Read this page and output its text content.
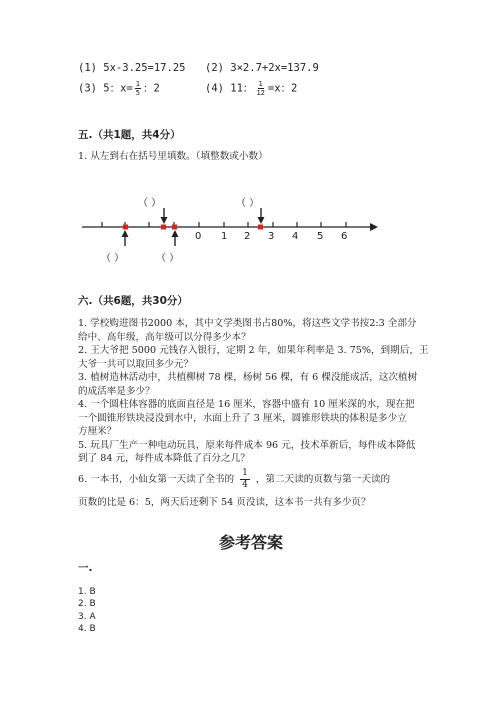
(1) 5x-3.25=17.25 (2) 3×2.7+2x=137.9
(3) 5：$x= \frac{1}{5}$ ：2	(4) 11： $\frac{1}{12} =x$：2
五.（共1题，共4分）
1. 从左到右在括号里填数。（填整数或小数）
0 1 2 3 4 5 6
（ ）	（ ）
（ ）	（ ）
六.（共6题，共30分）
1. 学校购进图书2000 本，其中文学类图书占80%，将这些文学书按2:3 全部分
给中、高年级，高年级可以分得多少本？
2. 王大爷把 5000 元钱存入银行，定期 2 年，如果年利率是 3. 75%，到期后，王
大爷一共可以取回多少元？
3. 植树造林活动中，共植柳树 78 棵，杨树 56 棵，有 6 棵没能成活，这次植树
的成活率是多少？
4. 一个圆柱体容器的底面直径是 16 厘米，容器中盛有 10 厘米深的水，现在把
一个圆锥形铁块浸没到水中，水面上升了 3 厘米，圆锥形铁块的体积是多少立
方厘米？
5. 玩具厂生产一种电动玩具，原来每件成本 96 元，技术革新后，每件成本降低
到了 84 元，每件成本降低了百分之几？
6. 一本书，小仙女第一天读了全书的 $\frac{1}{4}$ ，第二天读的页数与第一天读的
页数的比是 6：5，两天后还剩下 54 页没读，这本书一共有多少页？
参考答案
一.
1. B
2. B
3. A
4. B
